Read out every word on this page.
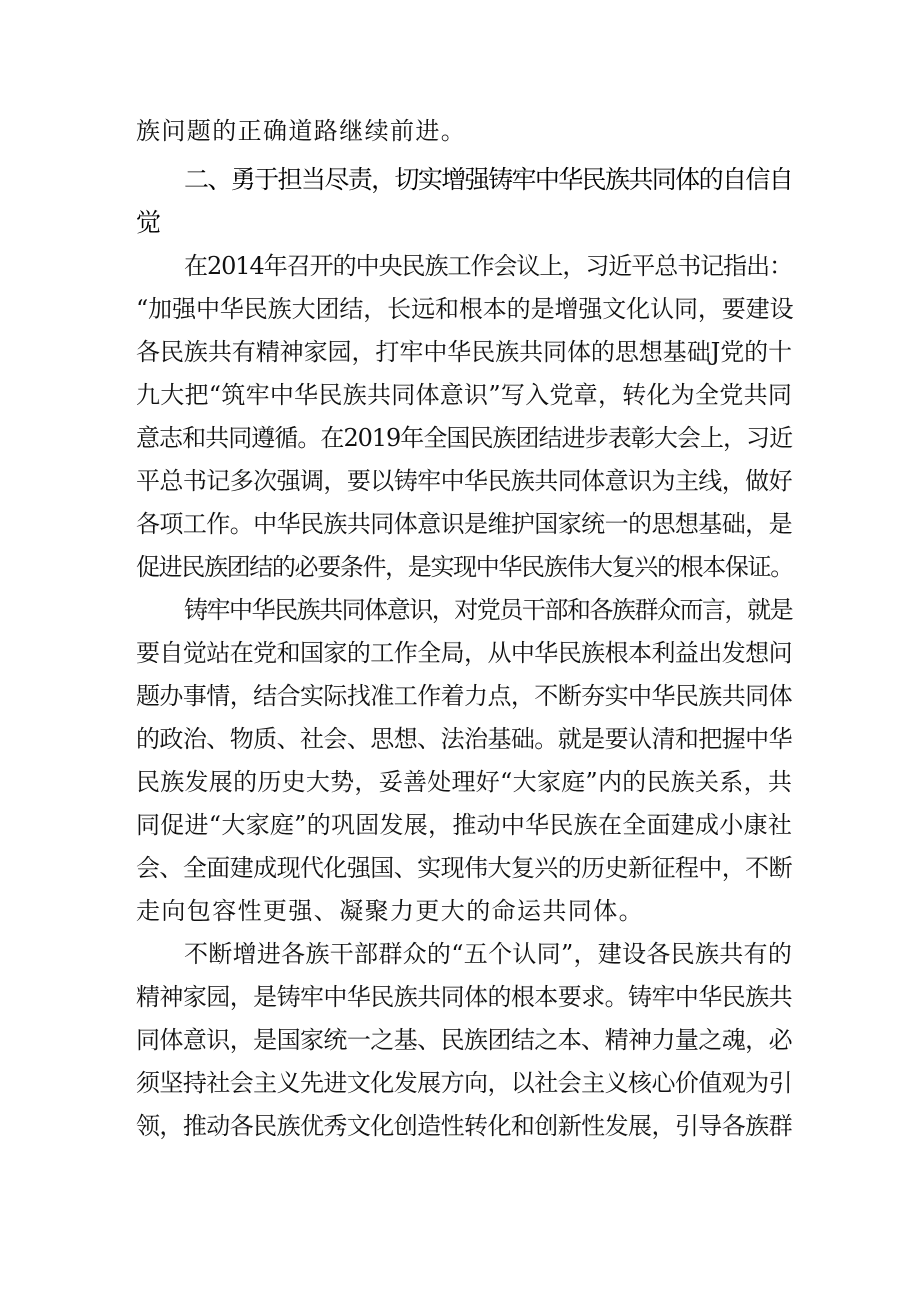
族问题的正确道路继续前进。
二、勇于担当尽责，切实增强铸牢中华民族共同体的自信自
觉
在2014年召开的中央民族工作会议上，习近平总书记指出：
“加强中华民族大团结，长远和根本的是增强文化认同，要建设
各民族共有精神家园，打牢中华民族共同体的思想基础J党的十
九大把“筑牢中华民族共同体意识”写入党章，转化为全党共同
意志和共同遵循。在2019年全国民族团结进步表彰大会上，习近
平总书记多次强调，要以铸牢中华民族共同体意识为主线，做好
各项工作。中华民族共同体意识是维护国家统一的思想基础，是
促进民族团结的必要条件，是实现中华民族伟大复兴的根本保证。
铸牢中华民族共同体意识，对党员干部和各族群众而言，就是
要自觉站在党和国家的工作全局，从中华民族根本利益出发想问
题办事情，结合实际找准工作着力点，不断夯实中华民族共同体
的政治、物质、社会、思想、法治基础。就是要认清和把握中华
民族发展的历史大势，妥善处理好“大家庭”内的民族关系，共
同促进“大家庭”的巩固发展，推动中华民族在全面建成小康社
会、全面建成现代化强国、实现伟大复兴的历史新征程中，不断
走向包容性更强、凝聚力更大的命运共同体。
不断增进各族干部群众的“五个认同”，建设各民族共有的
精神家园，是铸牢中华民族共同体的根本要求。铸牢中华民族共
同体意识，是国家统一之基、民族团结之本、精神力量之魂，必
须坚持社会主义先进文化发展方向，以社会主义核心价值观为引
领，推动各民族优秀文化创造性转化和创新性发展，引导各族群
